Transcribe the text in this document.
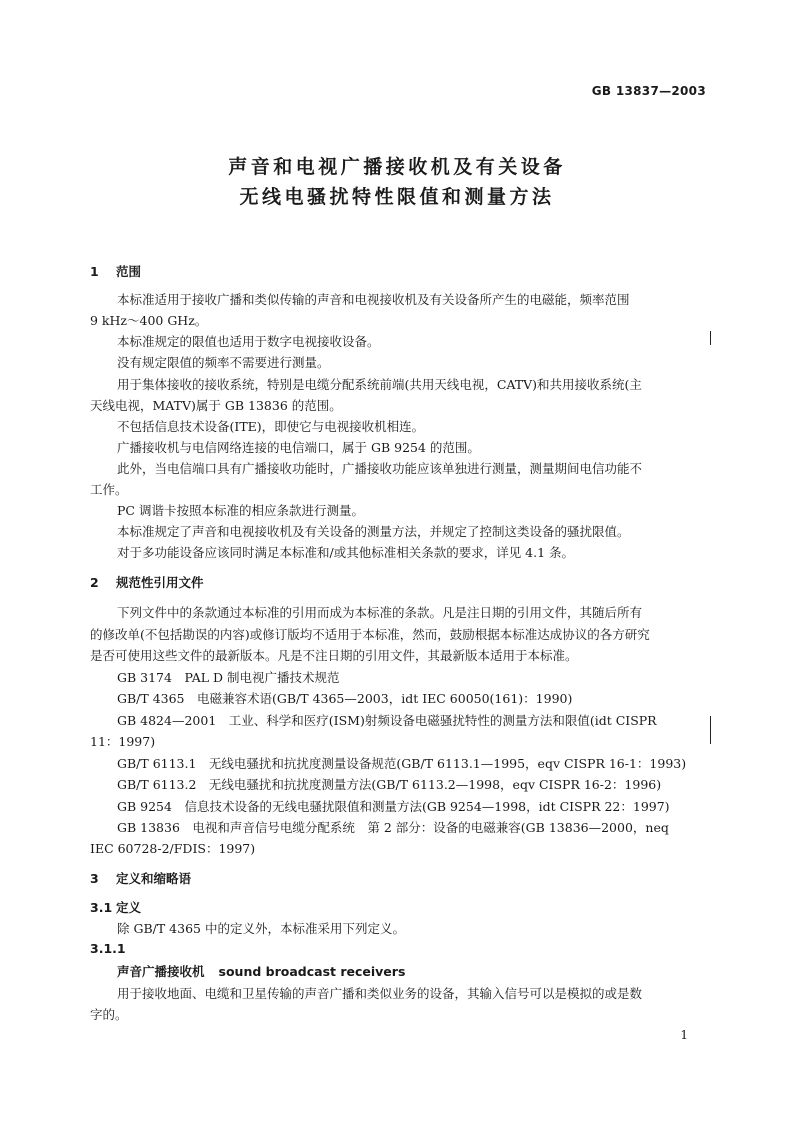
GB 13837—2003
声音和电视广播接收机及有关设备
无线电骚扰特性限值和测量方法
1 范围
本标准适用于接收广播和类似传输的声音和电视接收机及有关设备所产生的电磁能，频率范围
9 kHz～400 GHz。
本标准规定的限值也适用于数字电视接收设备。
没有规定限值的频率不需要进行测量。
用于集体接收的接收系统，特别是电缆分配系统前端(共用天线电视，CATV)和共用接收系统(主
天线电视，MATV)属于 GB 13836 的范围。
不包括信息技术设备(ITE)，即使它与电视接收机相连。
广播接收机与电信网络连接的电信端口，属于 GB 9254 的范围。
此外，当电信端口具有广播接收功能时，广播接收功能应该单独进行测量，测量期间电信功能不
工作。
PC 调谐卡按照本标准的相应条款进行测量。
本标准规定了声音和电视接收机及有关设备的测量方法，并规定了控制这类设备的骚扰限值。
对于多功能设备应该同时满足本标准和/或其他标准相关条款的要求，详见 4.1 条。
2 规范性引用文件
下列文件中的条款通过本标准的引用而成为本标准的条款。凡是注日期的引用文件，其随后所有
的修改单(不包括勘误的内容)或修订版均不适用于本标准，然而，鼓励根据本标准达成协议的各方研究
是否可使用这些文件的最新版本。凡是不注日期的引用文件，其最新版本适用于本标准。
GB 3174　PAL D 制电视广播技术规范
GB/T 4365　电磁兼容术语(GB/T 4365—2003，idt IEC 60050(161)：1990)
GB 4824—2001　工业、科学和医疗(ISM)射频设备电磁骚扰特性的测量方法和限值(idt CISPR
11：1997)
GB/T 6113.1　无线电骚扰和抗扰度测量设备规范(GB/T 6113.1—1995，eqv CISPR 16-1：1993)
GB/T 6113.2　无线电骚扰和抗扰度测量方法(GB/T 6113.2—1998，eqv CISPR 16-2：1996)
GB 9254　信息技术设备的无线电骚扰限值和测量方法(GB 9254—1998，idt CISPR 22：1997)
GB 13836　电视和声音信号电缆分配系统　第 2 部分：设备的电磁兼容(GB 13836—2000，neq
IEC 60728-2/FDIS：1997)
3 定义和缩略语
3.1 定义
除 GB/T 4365 中的定义外，本标准采用下列定义。
3.1.1
声音广播接收机 sound broadcast receivers
用于接收地面、电缆和卫星传输的声音广播和类似业务的设备，其输入信号可以是模拟的或是数
字的。
1
